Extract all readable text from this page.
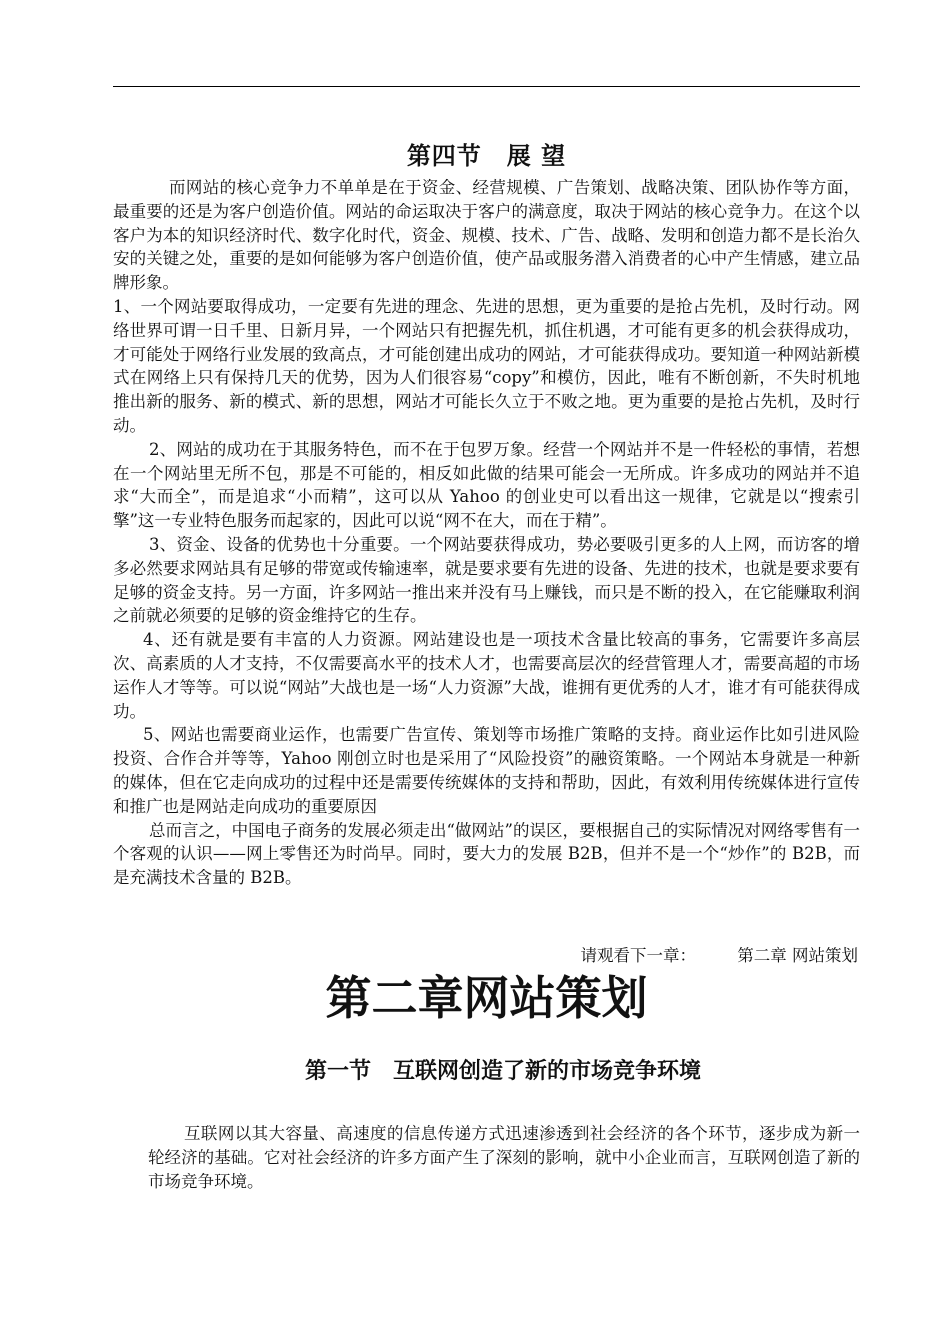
第四节　展 望

而网站的核心竞争力不单单是在于资金、经营规模、广告策划、战略决策、团队协作等方面，最重要的还是为客户创造价值。网站的命运取决于客户的满意度，取决于网站的核心竞争力。在这个以客户为本的知识经济时代、数字化时代，资金、规模、技术、广告、战略、发明和创造力都不是长治久安的关键之处，重要的是如何能够为客户创造价值，使产品或服务潜入消费者的心中产生情感，建立品牌形象。

1、一个网站要取得成功，一定要有先进的理念、先进的思想，更为重要的是抢占先机，及时行动。网络世界可谓一日千里、日新月异，一个网站只有把握先机，抓住机遇，才可能有更多的机会获得成功，才可能处于网络行业发展的致高点，才可能创建出成功的网站，才可能获得成功。要知道一种网站新模式在网络上只有保持几天的优势，因为人们很容易“copy”和模仿，因此，唯有不断创新，不失时机地推出新的服务、新的模式、新的思想，网站才可能长久立于不败之地。更为重要的是抢占先机，及时行动。

2、网站的成功在于其服务特色，而不在于包罗万象。经营一个网站并不是一件轻松的事情，若想在一个网站里无所不包，那是不可能的，相反如此做的结果可能会一无所成。许多成功的网站并不追求“大而全”，而是追求“小而精”，这可以从 Yahoo 的创业史可以看出这一规律，它就是以“搜索引擎”这一专业特色服务而起家的，因此可以说“网不在大，而在于精”。

3、资金、设备的优势也十分重要。一个网站要获得成功，势必要吸引更多的人上网，而访客的增多必然要求网站具有足够的带宽或传输速率，就是要求要有先进的设备、先进的技术，也就是要求要有足够的资金支持。另一方面，许多网站一推出来并没有马上赚钱，而只是不断的投入，在它能赚取利润之前就必须要的足够的资金维持它的生存。

4、还有就是要有丰富的人力资源。网站建设也是一项技术含量比较高的事务，它需要许多高层次、高素质的人才支持，不仅需要高水平的技术人才，也需要高层次的经营管理人才，需要高超的市场运作人才等等。可以说“网站”大战也是一场“人力资源”大战，谁拥有更优秀的人才，谁才有可能获得成功。

5、网站也需要商业运作，也需要广告宣传、策划等市场推广策略的支持。商业运作比如引进风险投资、合作合并等等，Yahoo 刚创立时也是采用了“风险投资”的融资策略。一个网站本身就是一种新的媒体，但在它走向成功的过程中还是需要传统媒体的支持和帮助，因此，有效利用传统媒体进行宣传和推广也是网站走向成功的重要原因

总而言之，中国电子商务的发展必须走出“做网站”的误区，要根据自己的实际情况对网络零售有一个客观的认识——网上零售还为时尚早。同时，要大力的发展 B2B，但并不是一个“炒作”的 B2B，而是充满技术含量的 B2B。

请观看下一章：　　　第二章 网站策划
第二章网站策划
第一节　互联网创造了新的市场竞争环境

互联网以其大容量、高速度的信息传递方式迅速渗透到社会经济的各个环节，逐步成为新一轮经济的基础。它对社会经济的许多方面产生了深刻的影响，就中小企业而言，互联网创造了新的市场竞争环境。
